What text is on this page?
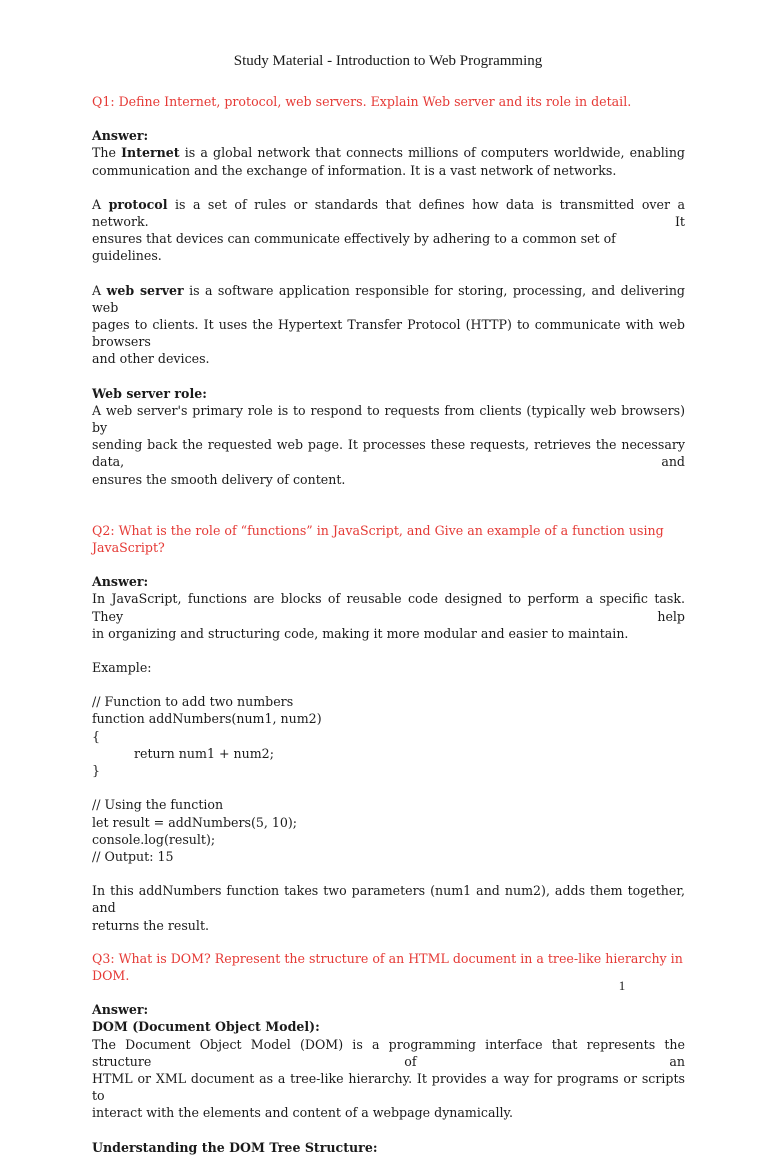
Study Material - Introduction to Web Programming

Q1: Define Internet, protocol, web servers. Explain Web server and its role in detail.

Answer:

The Internet is a global network that connects millions of computers worldwide, enabling

communication and the exchange of information. It is a vast network of networks.

A protocol is a set of rules or standards that defines how data is transmitted over a network. It

ensures that devices can communicate effectively by adhering to a common set of guidelines.

A web server is a software application responsible for storing, processing, and delivering web

pages to clients. It uses the Hypertext Transfer Protocol (HTTP) to communicate with web browsers

and other devices.

Web server role:

A web server's primary role is to respond to requests from clients (typically web browsers) by

sending back the requested web page. It processes these requests, retrieves the necessary data, and

ensures the smooth delivery of content.

Q2: What is the role of “functions” in JavaScript, and Give an example of a function using JavaScript?

Answer:

In JavaScript, functions are blocks of reusable code designed to perform a specific task. They help

in organizing and structuring code, making it more modular and easier to maintain.

Example:

// Function to add two numbers

function addNumbers(num1, num2)

{

return num1 + num2;

}

// Using the function

let result = addNumbers(5, 10);

console.log(result);

// Output: 15

In this addNumbers function takes two parameters (num1 and num2), adds them together, and

returns the result.

Q3: What is DOM? Represent the structure of an HTML document in a tree-like hierarchy in DOM.

Answer:

DOM (Document Object Model):

The Document Object Model (DOM) is a programming interface that represents the structure of an

HTML or XML document as a tree-like hierarchy. It provides a way for programs or scripts to

interact with the elements and content of a webpage dynamically.

Understanding the DOM Tree Structure:

1
